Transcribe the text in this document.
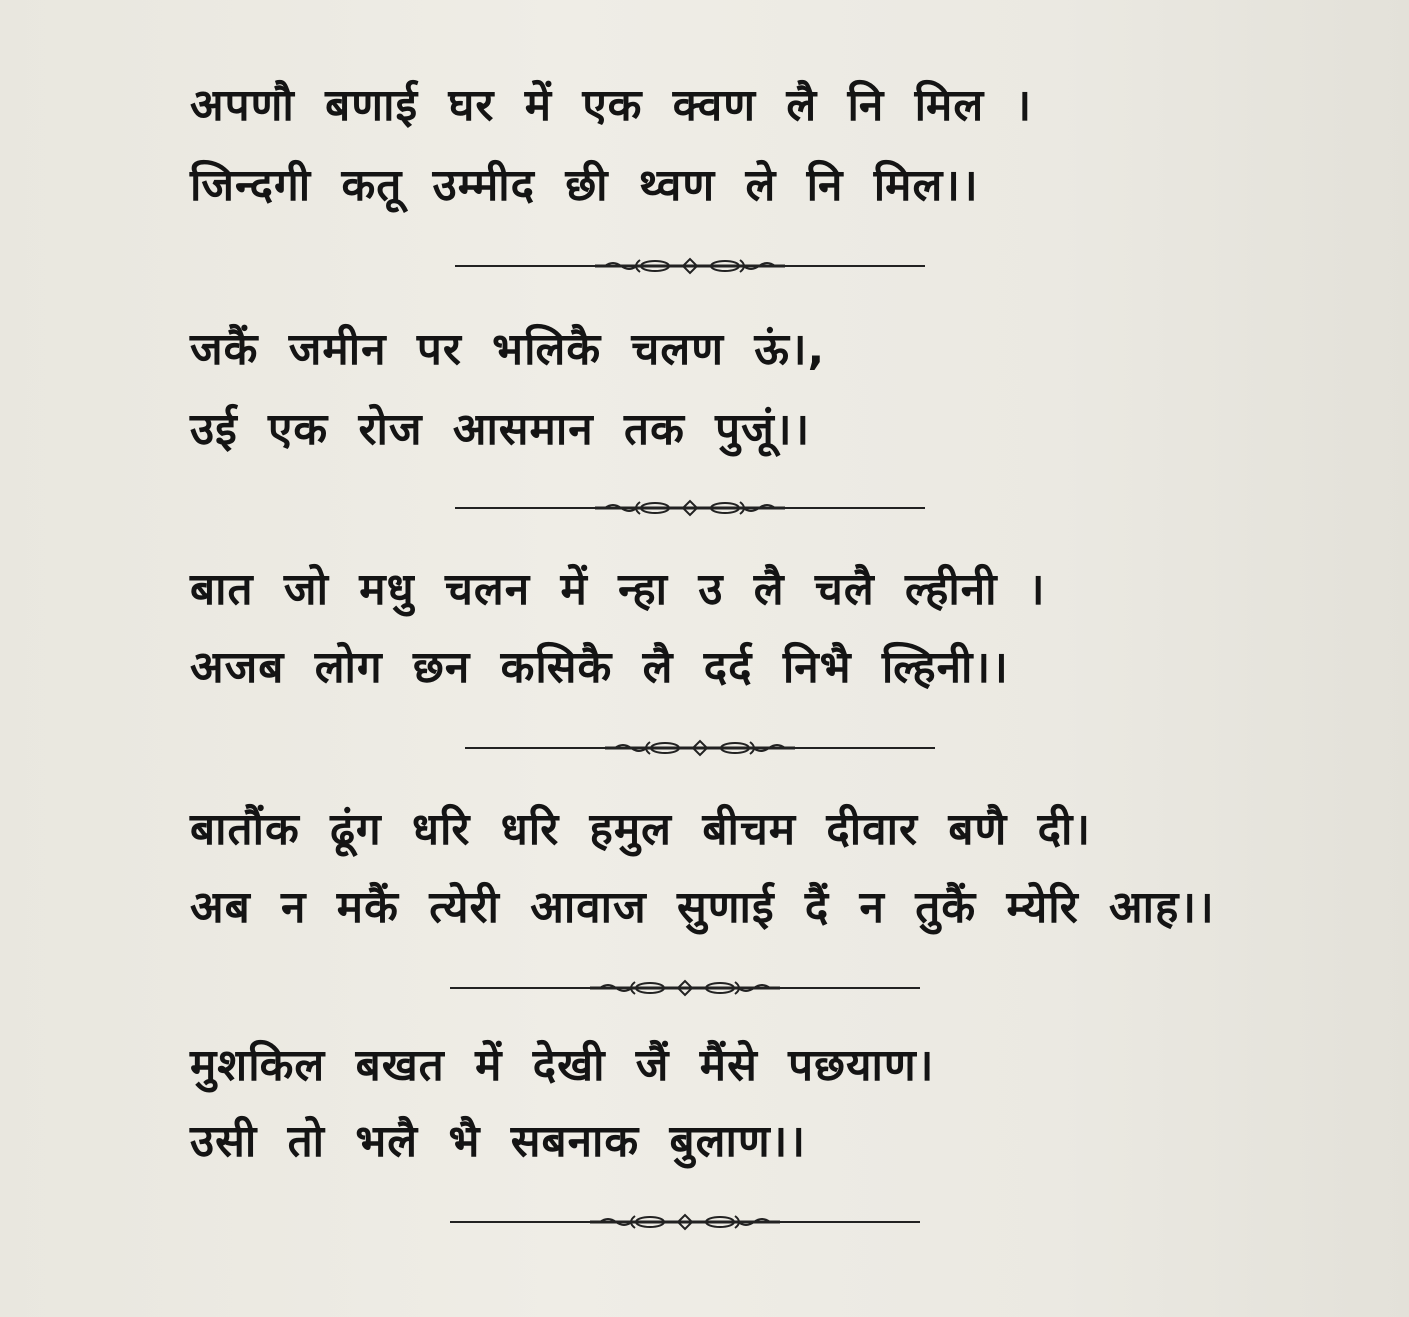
अपणौ बणाई घर में एक क्वण लै नि मिल ।
जिन्दगी कतू उम्मीद छी थ्वण ले नि मिल।।
जकैं जमीन पर भलिकै चलण ऊं।,
उई एक रोज आसमान तक पुजूं।।
बात जो मधु चलन में न्हा उ लै चलै ल्हीनी ।
अजब लोग छन कसिकै लै दर्द निभै ल्हिनी।।
बातौंक ढूंग धरि धरि हमुल बीचम दीवार बणै दी।
अब न मकैं त्येरी आवाज सुणाई दैं न तुकैं म्येरि आह।।
मुशकिल बखत में देखी जैं मैंसे पछयाण।
उसी तो भलै भै सबनाक बुलाण।।
